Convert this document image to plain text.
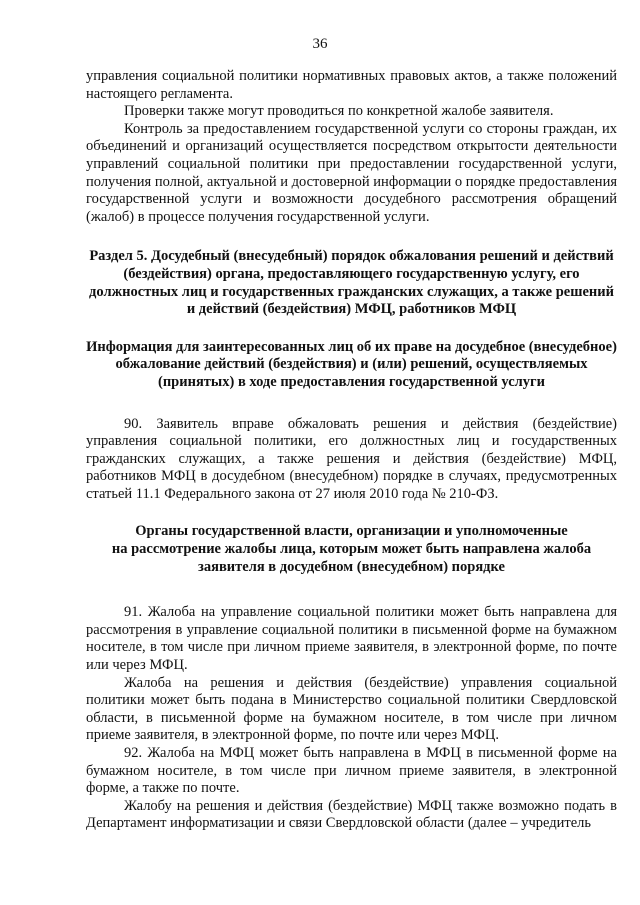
36

управления социальной политики нормативных правовых актов, а также положений настоящего регламента.

Проверки также могут проводиться по конкретной жалобе заявителя.

Контроль за предоставлением государственной услуги со стороны граждан, их объединений и организаций осуществляется посредством открытости деятельности управлений социальной политики при предоставлении государственной услуги, получения полной, актуальной и достоверной информации о порядке предоставления государственной услуги и возможности досудебного рассмотрения обращений (жалоб) в процессе получения государственной услуги.

Раздел 5. Досудебный (внесудебный) порядок обжалования решений и действий (бездействия) органа, предоставляющего государственную услугу, его должностных лиц и государственных гражданских служащих, а также решений и действий (бездействия) МФЦ, работников МФЦ

Информация для заинтересованных лиц об их праве на досудебное (внесудебное) обжалование действий (бездействия) и (или) решений, осуществляемых (принятых) в ходе предоставления государственной услуги

90. Заявитель вправе обжаловать решения и действия (бездействие) управления социальной политики, его должностных лиц и государственных гражданских служащих, а также решения и действия (бездействие) МФЦ, работников МФЦ в досудебном (внесудебном) порядке в случаях, предусмотренных статьей 11.1 Федерального закона от 27 июля 2010 года № 210-ФЗ.

Органы государственной власти, организации и уполномоченные
на рассмотрение жалобы лица, которым может быть направлена жалоба
заявителя в досудебном (внесудебном) порядке

91. Жалоба на управление социальной политики может быть направлена для рассмотрения в управление социальной политики в письменной форме на бумажном носителе, в том числе при личном приеме заявителя, в электронной форме, по почте или через МФЦ.

Жалоба на решения и действия (бездействие) управления социальной политики может быть подана в Министерство социальной политики Свердловской области, в письменной форме на бумажном носителе, в том числе при личном приеме заявителя, в электронной форме, по почте или через МФЦ.

92. Жалоба на МФЦ может быть направлена в МФЦ в письменной форме на бумажном носителе, в том числе при личном приеме заявителя, в электронной форме, а также по почте.

Жалобу на решения и действия (бездействие) МФЦ также возможно подать в Департамент информатизации и связи Свердловской области (далее – учредитель
